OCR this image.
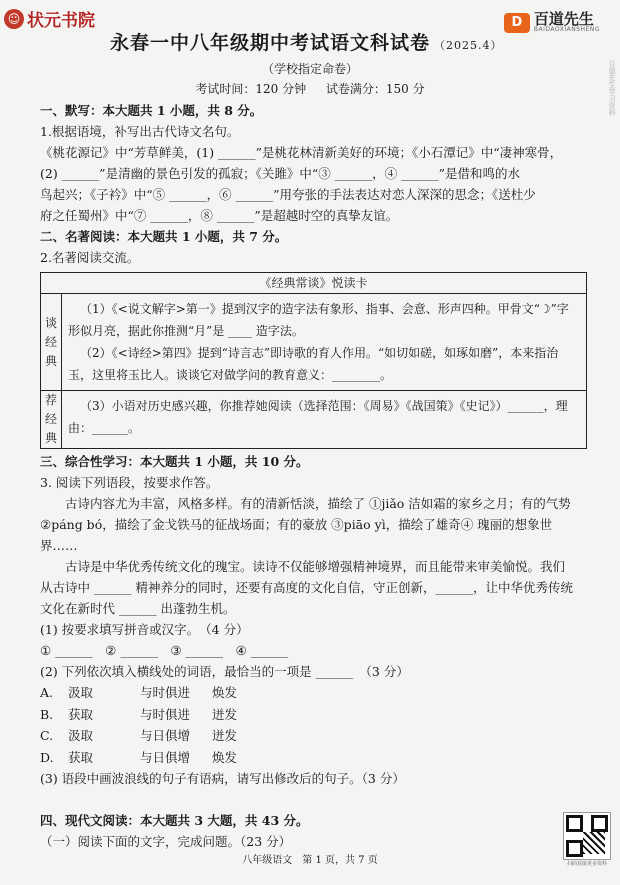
☺ 状元书院	D 百道先生
BAIDAOXIANSHENG
永春一中八年级期中考试语文科试卷 （2025.4）
（学校指定命卷）
考试时间：120 分钟 试卷满分：150 分

一、默写：本大题共 1 小题，共 8 分。

1.根据语境，补写出古代诗文名句。

《桃花源记》中“芳草鲜美，(1) ______”是桃花林清新美好的环境；《小石潭记》中“凄神寒骨，

(2) ______”是清幽的景色引发的孤寂；《关雎》中“③ ______，④ ______”是借和鸣的水

鸟起兴；《子衿》中“⑤ ______，⑥ ______”用夸张的手法表达对恋人深深的思念；《送杜少

府之任蜀州》中“⑦ ______，⑧ ______”是超越时空的真挚友谊。

二、名著阅读：本大题共 1 小题，共 7 分。

2.名著阅读交流。

《经典常谈》悦读卡
谈
经
典

（1）《<说文解字>第一》提到汉字的造字法有象形、指事、会意、形声四种。甲骨文“☽”字形似月亮，据此你推测“月”是 ____ 造字法。

（2）《<诗经>第四》提到“诗言志”即诗歌的育人作用。“如切如磋，如琢如磨”，本来指治玉，这里将玉比人。谈谈它对做学问的教育意义：________。

荐
经
典

（3）小语对历史感兴趣，你推荐她阅读（选择范围：《周易》《战国策》《史记》）______，理由：______。

三、综合性学习：本大题共 1 小题，共 10 分。

3. 阅读下列语段，按要求作答。

古诗内容尤为丰富，风格多样。有的清新恬淡，描绘了 ①jiǎo 洁如霜的家乡之月；有的气势

②páng bó，描绘了金戈铁马的征战场面；有的豪放 ③piāo yì，描绘了雄奇④ 瑰丽的想象世界……

古诗是中华优秀传统文化的瑰宝。读诗不仅能够增强精神境界，而且能带来审美愉悦。我们

从古诗中 ______ 精神养分的同时，还要有高度的文化自信，守正创新，______，让中华优秀传统

文化在新时代 ______ 出蓬勃生机。

(1) 按要求填写拼音或汉字。　（4 分）

① ______　② ______　③ ______　④ ______

(2) 下列依次填入横线处的词语，最恰当的一项是 ______　（3 分）

A. 汲取	与时俱进 焕发

B. 获取	与时俱进 迸发

C. 汲取	与日俱增 迸发

D. 获取	与日俱增 焕发

(3) 语段中画波浪线的句子有语病，请写出修改后的句子。（3 分）

四、现代文阅读：本大题共 3 大题，共 43 分。

（一）阅读下面的文字，完成问题。（23 分）

百道先生学习资料
扫码获取更多资料
八年级语文　第 1 页，共 7 页
